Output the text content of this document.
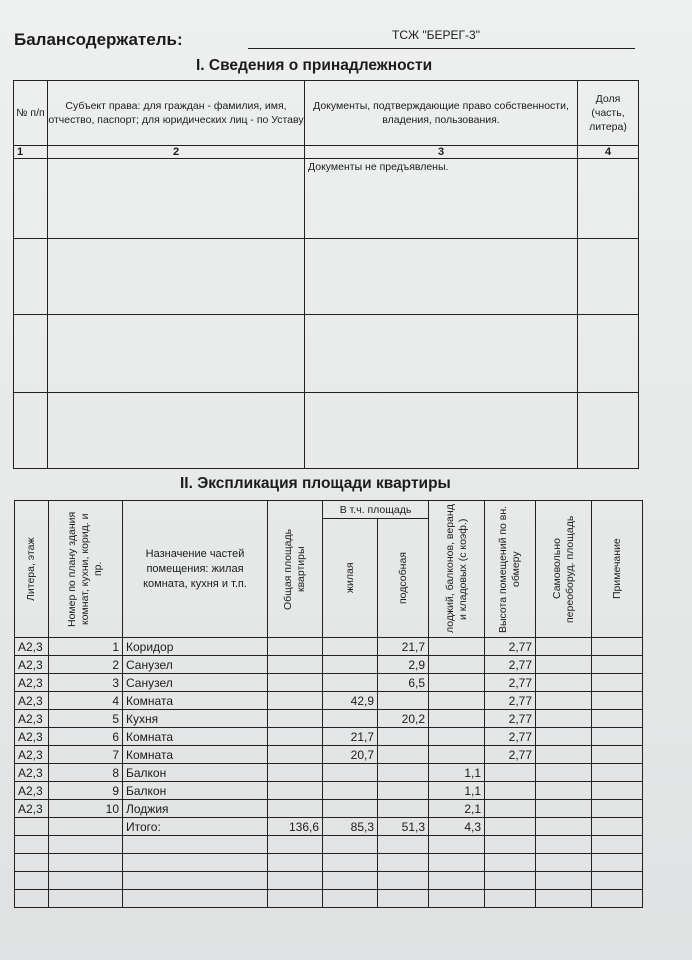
Балансодержатель:	ТСЖ "БЕРЕГ-3"
I. Сведения о принадлежности
№ п/п	Субъект права: для граждан - фамилия, имя, отчество, паспорт; для юридических лиц - по Уставу	Документы, подтверждающие право собственности, владения, пользования.	Доля (часть, литера)
1	2	3	4
		Документы не предъявлены.	

II. Экспликация площади квартиры
Литера, этаж	Номер по плану здания комнат, кухни, корид. и пр.	Назначение частей помещения: жилая комната, кухня и т.п.	Общая площадь квартиры	В т.ч. площадь		лоджий, балконов, веранд и кладовых (с коэф.)	Высота помещений по вн. обмеру	Самовольно переоборуд. площадь	Примечание

				жилая	подсобная				

А2,3	1	Коридор			21,7		2,77		
А2,3	2	Санузел			2,9		2,77		
А2,3	3	Санузел			6,5		2,77		
А2,3	4	Комната		42,9			2,77		
А2,3	5	Кухня			20,2		2,77		
А2,3	6	Комната		21,7			2,77		
А2,3	7	Комната		20,7			2,77		
А2,3	8	Балкон				1,1			
А2,3	9	Балкон				1,1			
А2,3	10	Лоджия				2,1			
		Итого:	136,6	85,3	51,3	4,3			
